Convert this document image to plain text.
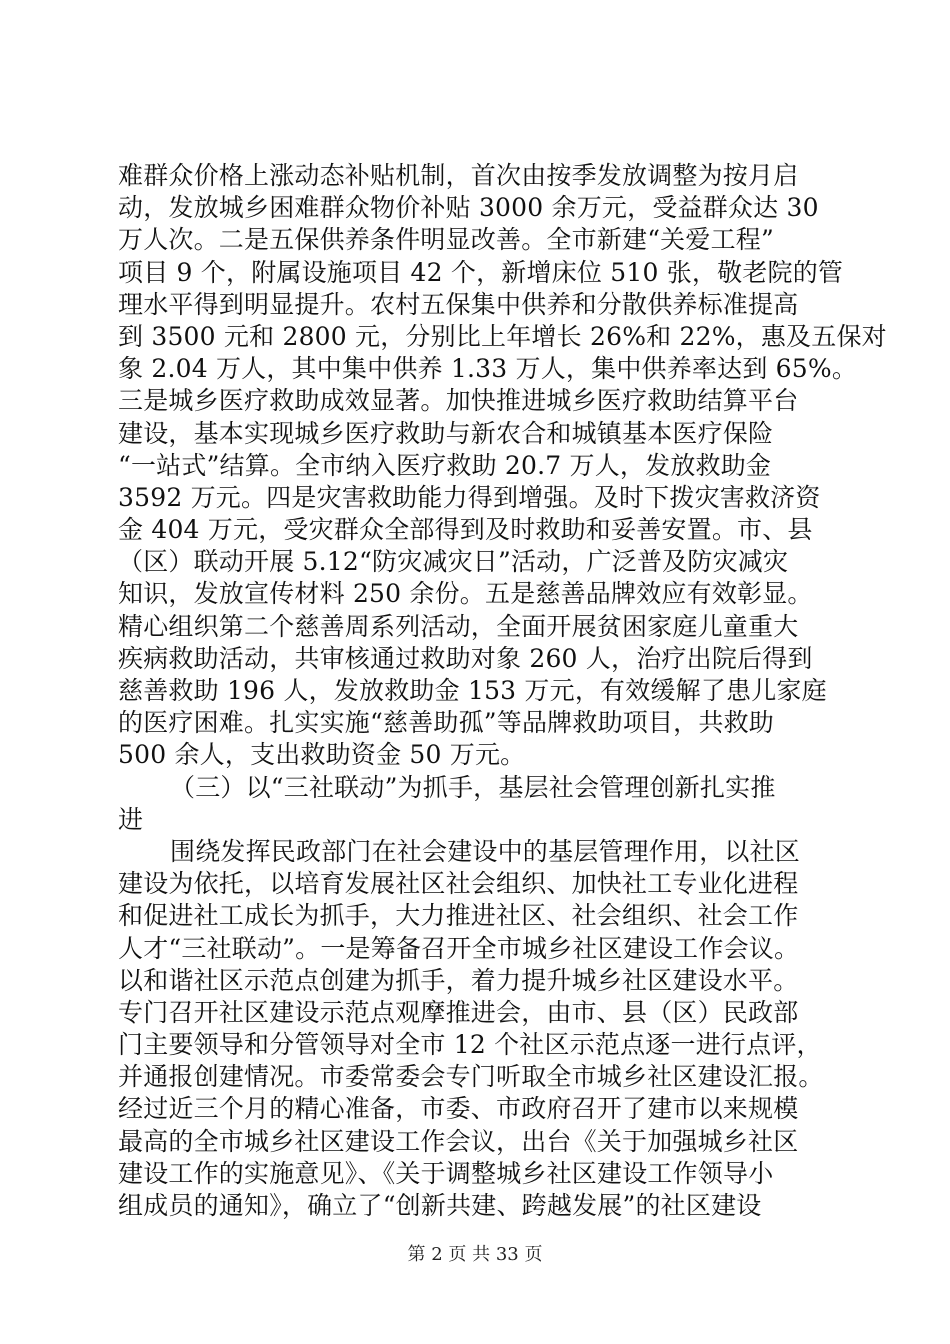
难群众价格上涨动态补贴机制，首次由按季发放调整为按月启
动，发放城乡困难群众物价补贴 3000 余万元，受益群众达 30
万人次。二是五保供养条件明显改善。全市新建“关爱工程”
项目 9 个，附属设施项目 42 个，新增床位 510 张，敬老院的管
理水平得到明显提升。农村五保集中供养和分散供养标准提高
到 3500 元和 2800 元，分别比上年增长 26%和 22%，惠及五保对
象 2.04 万人，其中集中供养 1.33 万人，集中供养率达到 65%。
三是城乡医疗救助成效显著。加快推进城乡医疗救助结算平台
建设，基本实现城乡医疗救助与新农合和城镇基本医疗保险
“一站式”结算。全市纳入医疗救助 20.7 万人，发放救助金
3592 万元。四是灾害救助能力得到增强。及时下拨灾害救济资
金 404 万元，受灾群众全部得到及时救助和妥善安置。市、县
（区）联动开展 5.12“防灾减灾日”活动，广泛普及防灾减灾
知识，发放宣传材料 250 余份。五是慈善品牌效应有效彰显。
精心组织第二个慈善周系列活动，全面开展贫困家庭儿童重大
疾病救助活动，共审核通过救助对象 260 人，治疗出院后得到
慈善救助 196 人，发放救助金 153 万元，有效缓解了患儿家庭
的医疗困难。扎实实施“慈善助孤”等品牌救助项目，共救助
500 余人，支出救助资金 50 万元。
（三）以“三社联动”为抓手，基层社会管理创新扎实推
进
围绕发挥民政部门在社会建设中的基层管理作用，以社区
建设为依托，以培育发展社区社会组织、加快社工专业化进程
和促进社工成长为抓手，大力推进社区、社会组织、社会工作
人才“三社联动”。一是筹备召开全市城乡社区建设工作会议。
以和谐社区示范点创建为抓手，着力提升城乡社区建设水平。
专门召开社区建设示范点观摩推进会，由市、县（区）民政部
门主要领导和分管领导对全市 12 个社区示范点逐一进行点评，
并通报创建情况。市委常委会专门听取全市城乡社区建设汇报。
经过近三个月的精心准备，市委、市政府召开了建市以来规模
最高的全市城乡社区建设工作会议，出台《关于加强城乡社区
建设工作的实施意见》、《关于调整城乡社区建设工作领导小
组成员的通知》，确立了“创新共建、跨越发展”的社区建设
第 2 页 共 33 页
